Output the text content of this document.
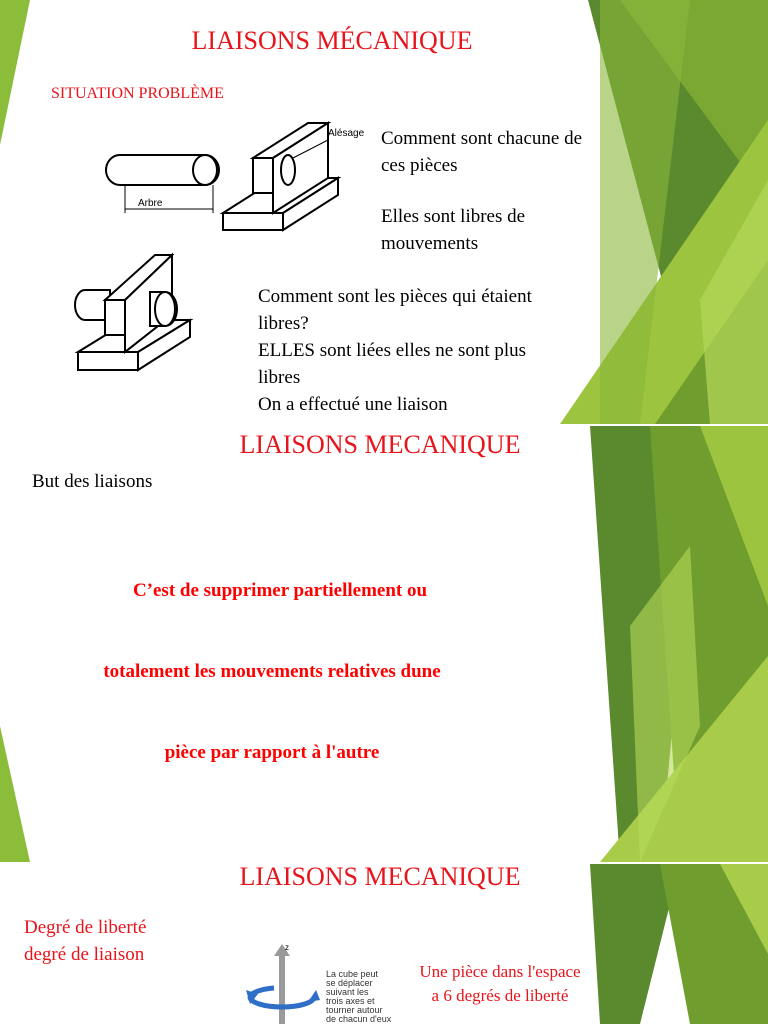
LIAISONS MÉCANIQUE
SITUATION PROBLÈME
Arbre
Alésage Comment sont chacune de
ces pièces
Elles sont libres de
mouvements
Comment sont les pièces qui étaient
libres?
ELLES sont liées elles ne sont plus
libres
On a effectué une liaison
LIAISONS MECANIQUE
But des liaisons
C’est de supprimer partiellement ou
totalement les mouvements relatives dune
pièce par rapport à l'autre
LIAISONS MECANIQUE
Degré de liberté
degré de liaison	z
La cube peut
se déplacer
suivant les
trois axes et
tourner autour
de chacun d'eux
Une pièce dans l'espace
a 6 degrés de liberté
